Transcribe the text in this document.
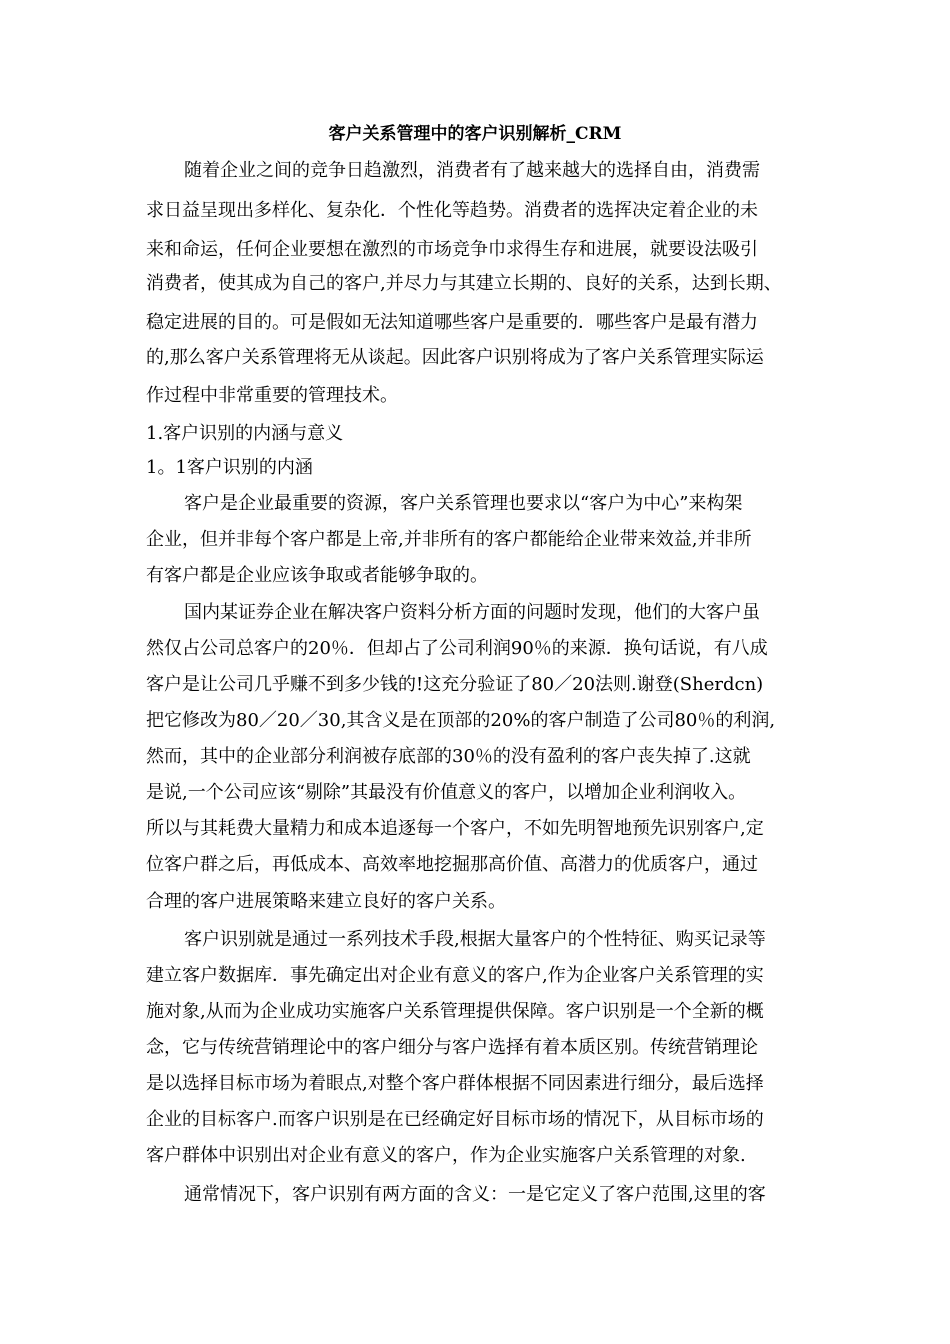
客户关系管理中的客户识别解析_CRM
随着企业之间的竞争日趋激烈，消费者有了越来越大的选择自由，消费需
求日益呈现出多样化、复杂化．个性化等趋势。消费者的选挥决定着企业的未
来和命运，任何企业要想在激烈的市场竞争巾求得生存和进展，就要设法吸引
消费者，使其成为自己的客户,并尽力与其建立长期的、良好的关系，达到长期、
稳定进展的目的。可是假如无法知道哪些客户是重要的．哪些客户是最有潜力
的,那么客户关系管理将无从谈起。因此客户识别将成为了客户关系管理实际运
作过程中非常重要的管理技术。
1.客户识别的内涵与意义
1。1客户识别的内涵
客户是企业最重要的资源，客户关系管理也要求以“客户为中心”来构架
企业，但并非每个客户都是上帝,并非所有的客户都能给企业带来效益,并非所
有客户都是企业应该争取或者能够争取的。
国内某证券企业在解决客户资料分析方面的问题时发现，他们的大客户虽
然仅占公司总客户的20％．但却占了公司利润90％的来源．换句话说，有八成
客户是让公司几乎赚不到多少钱的!这充分验证了80／20法则.谢登(Sherdcn)
把它修改为80／20／30,其含义是在顶部的20%的客户制造了公司80％的利润,
然而，其中的企业部分利润被存底部的30％的没有盈利的客户丧失掉了.这就
是说,一个公司应该“剔除”其最没有价值意义的客户，以增加企业利润收入。
所以与其耗费大量精力和成本追逐每一个客户，不如先明智地预先识别客户,定
位客户群之后，再低成本、高效率地挖掘那高价值、高潜力的优质客户，通过
合理的客户进展策略来建立良好的客户关系。
客户识别就是通过一系列技术手段,根据大量客户的个性特征、购买记录等
建立客户数据库．事先确定出对企业有意义的客户,作为企业客户关系管理的实
施对象,从而为企业成功实施客户关系管理提供保障。客户识别是一个全新的概
念，它与传统营销理论中的客户细分与客户选择有着本质区别。传统营销理论
是以选择目标市场为着眼点,对整个客户群体根据不同因素进行细分，最后选择
企业的目标客户.而客户识别是在已经确定好目标市场的情况下，从目标市场的
客户群体中识别出对企业有意义的客户，作为企业实施客户关系管理的对象.
通常情况下，客户识别有两方面的含义：一是它定义了客户范围,这里的客
